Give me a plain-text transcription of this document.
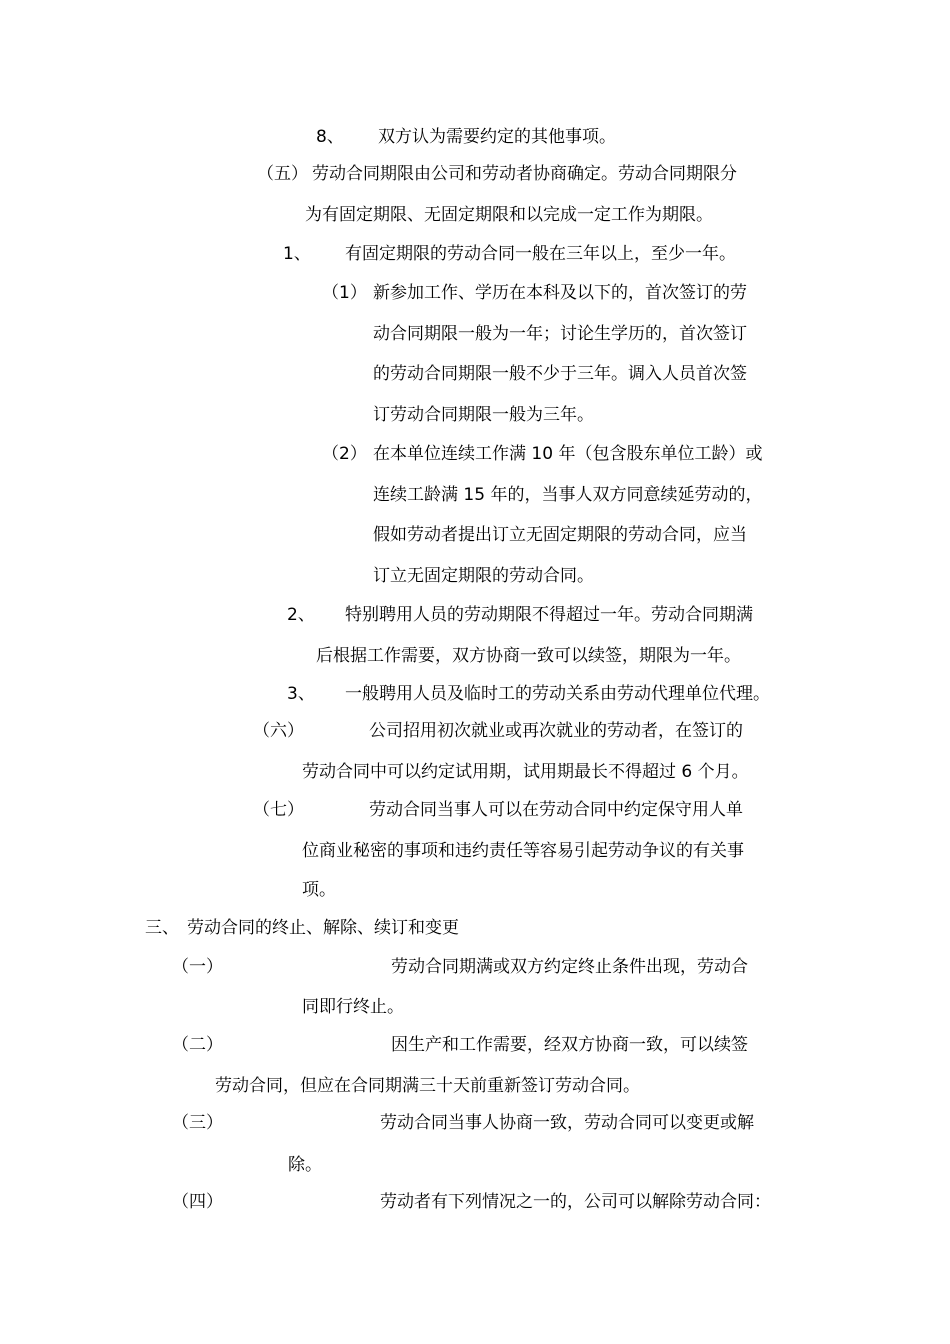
8、 双方认为需要约定的其他事项。
（五） 劳动合同期限由公司和劳动者协商确定。劳动合同期限分
为有固定期限、无固定期限和以完成一定工作为期限。
1、 有固定期限的劳动合同一般在三年以上，至少一年。
（1） 新参加工作、学历在本科及以下的，首次签订的劳
动合同期限一般为一年；讨论生学历的，首次签订
的劳动合同期限一般不少于三年。调入人员首次签
订劳动合同期限一般为三年。
（2） 在本单位连续工作满 10 年（包含股东单位工龄）或
连续工龄满 15 年的，当事人双方同意续延劳动的，
假如劳动者提出订立无固定期限的劳动合同，应当
订立无固定期限的劳动合同。
2、 特别聘用人员的劳动期限不得超过一年。劳动合同期满
后根据工作需要，双方协商一致可以续签，期限为一年。
3、 一般聘用人员及临时工的劳动关系由劳动代理单位代理。
（六）	公司招用初次就业或再次就业的劳动者，在签订的
劳动合同中可以约定试用期，试用期最长不得超过 6 个月。
（七）	劳动合同当事人可以在劳动合同中约定保守用人单
位商业秘密的事项和违约责任等容易引起劳动争议的有关事
项。
三、 劳动合同的终止、解除、续订和变更
（一）	劳动合同期满或双方约定终止条件出现，劳动合
同即行终止。
（二）	因生产和工作需要，经双方协商一致，可以续签
劳动合同，但应在合同期满三十天前重新签订劳动合同。
（三）	劳动合同当事人协商一致，劳动合同可以变更或解
除。
（四）	劳动者有下列情况之一的，公司可以解除劳动合同：
